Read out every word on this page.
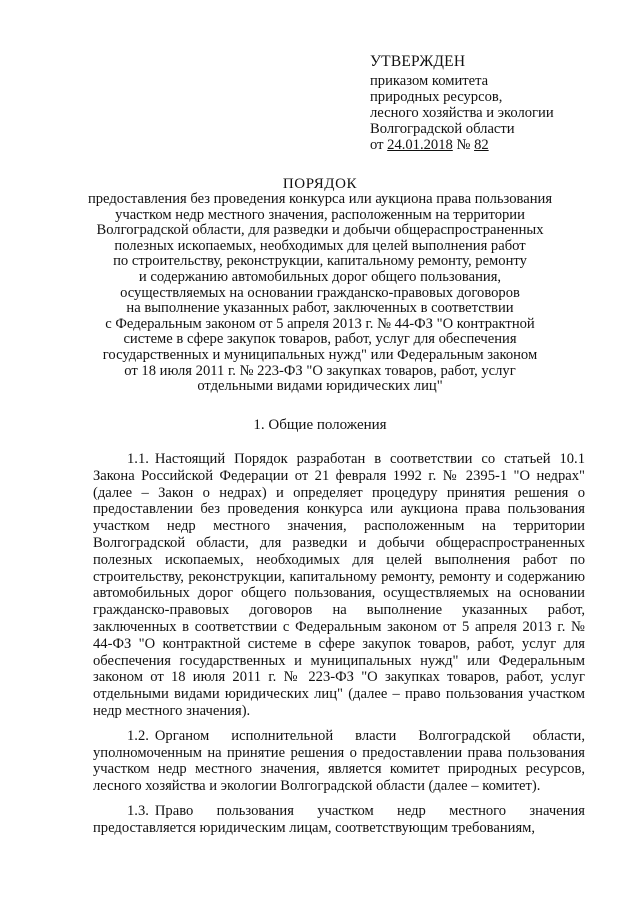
УТВЕРЖДЕН
приказом комитета
природных ресурсов,
лесного хозяйства и экологии
Волгоградской области
от 24.01.2018 № 82
ПОРЯДОК
предоставления без проведения конкурса или аукциона права пользования
участком недр местного значения, расположенным на территории
Волгоградской области, для разведки и добычи общераспространенных
полезных ископаемых, необходимых для целей выполнения работ
по строительству, реконструкции, капитальному ремонту, ремонту
и содержанию автомобильных дорог общего пользования,
осуществляемых на основании гражданско-правовых договоров
на выполнение указанных работ, заключенных в соответствии
с Федеральным законом от 5 апреля 2013 г. № 44-ФЗ "О контрактной
системе в сфере закупок товаров, работ, услуг для обеспечения
государственных и муниципальных нужд" или Федеральным законом
от 18 июля 2011 г. № 223-ФЗ "О закупках товаров, работ, услуг
отдельными видами юридических лиц"
1. Общие положения

1.1. Настоящий Порядок разработан в соответствии со статьей 10.1 Закона Российской Федерации от 21 февраля 1992 г. № 2395-1 "О недрах" (далее – Закон о недрах) и определяет процедуру принятия решения о предоставлении без проведения конкурса или аукциона права пользования участком недр местного значения, расположенным на территории Волгоградской области, для разведки и добычи общераспространенных полезных ископаемых, необходимых для целей выполнения работ по строительству, реконструкции, капитальному ремонту, ремонту и содержанию автомобильных дорог общего пользования, осуществляемых на основании гражданско-правовых договоров на выполнение указанных работ, заключенных в соответствии с Федеральным законом от 5 апреля 2013 г. № 44-ФЗ "О контрактной системе в сфере закупок товаров, работ, услуг для обеспечения государственных и муниципальных нужд" или Федеральным законом от 18 июля 2011 г. № 223-ФЗ "О закупках товаров, работ, услуг отдельными видами юридических лиц" (далее – право пользования участком недр местного значения).

1.2. Органом исполнительной власти Волгоградской области, уполномоченным на принятие решения о предоставлении права пользования участком недр местного значения, является комитет природных ресурсов, лесного хозяйства и экологии Волгоградской области (далее – комитет).

1.3. Право пользования участком недр местного значения предоставляется юридическим лицам, соответствующим требованиям,
